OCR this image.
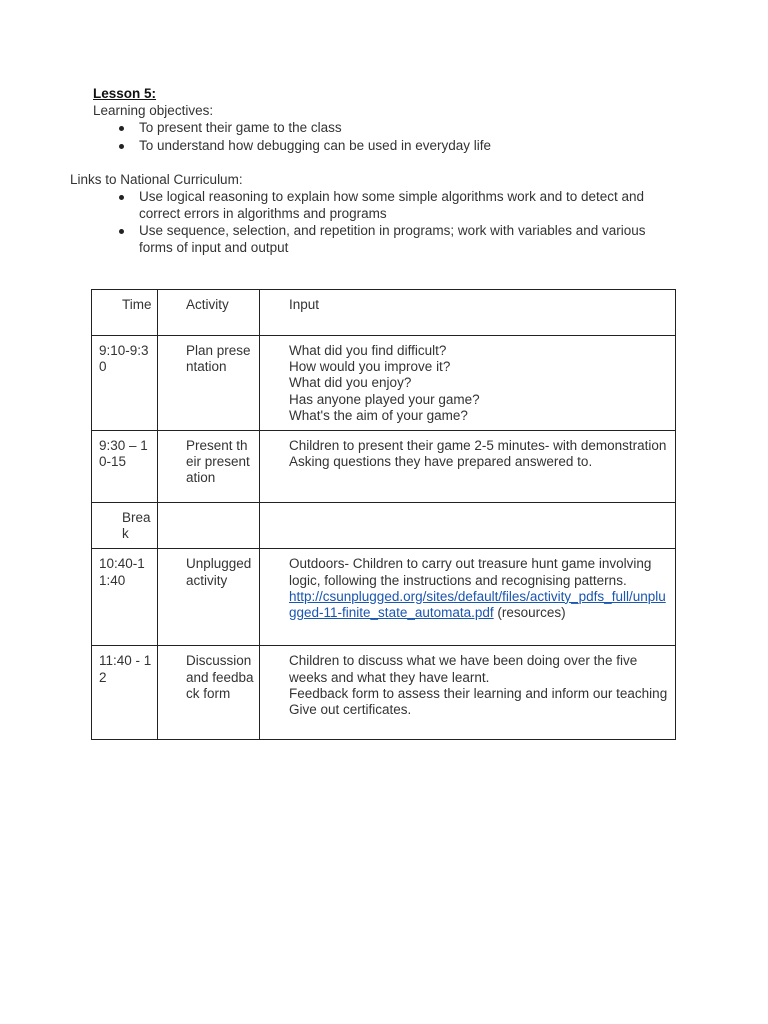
Lesson 5:
Learning objectives:
To present their game to the class
To understand how debugging can be used in everyday life
Links to National Curriculum:
Use logical reasoning to explain how some simple algorithms work and to detect and correct errors in algorithms and programs
Use sequence, selection, and repetition in programs; work with variables and various forms of input and output
Time	Activity	Input
9:10-9:30	Plan presentation	What did you find difficult?
How would you improve it?
What did you enjoy?
Has anyone played your game?
What's the aim of your game?

9:30 – 10-15	Present their presentation	Children to present their game 2-5 minutes- with demonstration
Asking questions they have prepared answered to.

Break		
10:40-11:40	Unplugged activity	Outdoors- Children to carry out treasure hunt game involving logic, following the instructions and recognising patterns.
http://csunplugged.org/sites/default/files/activity_pdfs_full/unplugged-11-finite_state_automata.pdf (resources)

11:40 - 12	Discussion and feedback form	Children to discuss what we have been doing over the five weeks and what they have learnt.
Feedback form to assess their learning and inform our teaching
Give out certificates.
